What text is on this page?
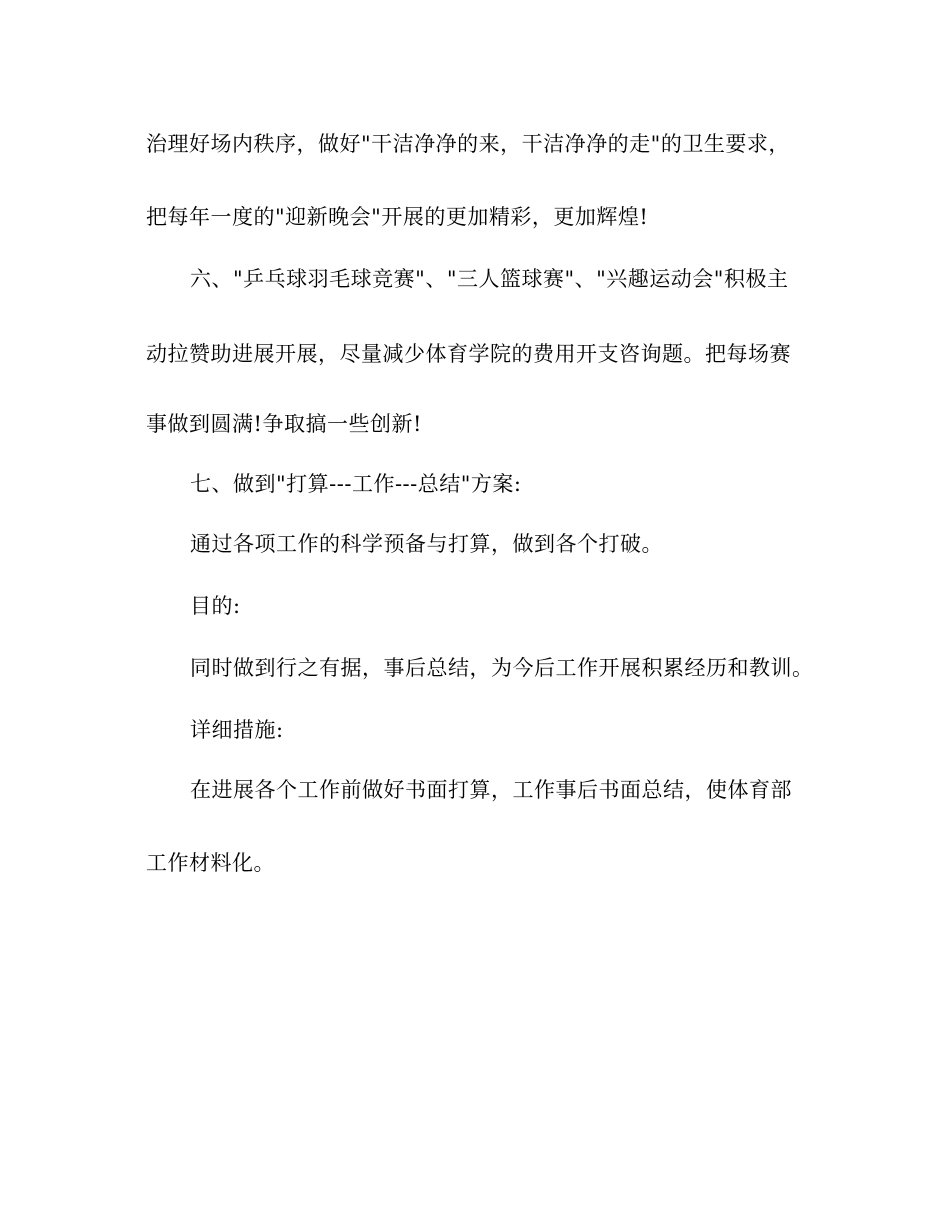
治理好场内秩序，做好"干洁净净的来，干洁净净的走"的卫生要求，
把每年一度的"迎新晚会"开展的更加精彩，更加辉煌!
六、"乒乓球羽毛球竞赛"、"三人篮球赛"、"兴趣运动会"积极主
动拉赞助进展开展，尽量减少体育学院的费用开支咨询题。把每场赛
事做到圆满!争取搞一些创新!
七、做到"打算---工作---总结"方案:
通过各项工作的科学预备与打算，做到各个打破。
目的:
同时做到行之有据，事后总结，为今后工作开展积累经历和教训。
详细措施:
在进展各个工作前做好书面打算，工作事后书面总结，使体育部
工作材料化。
